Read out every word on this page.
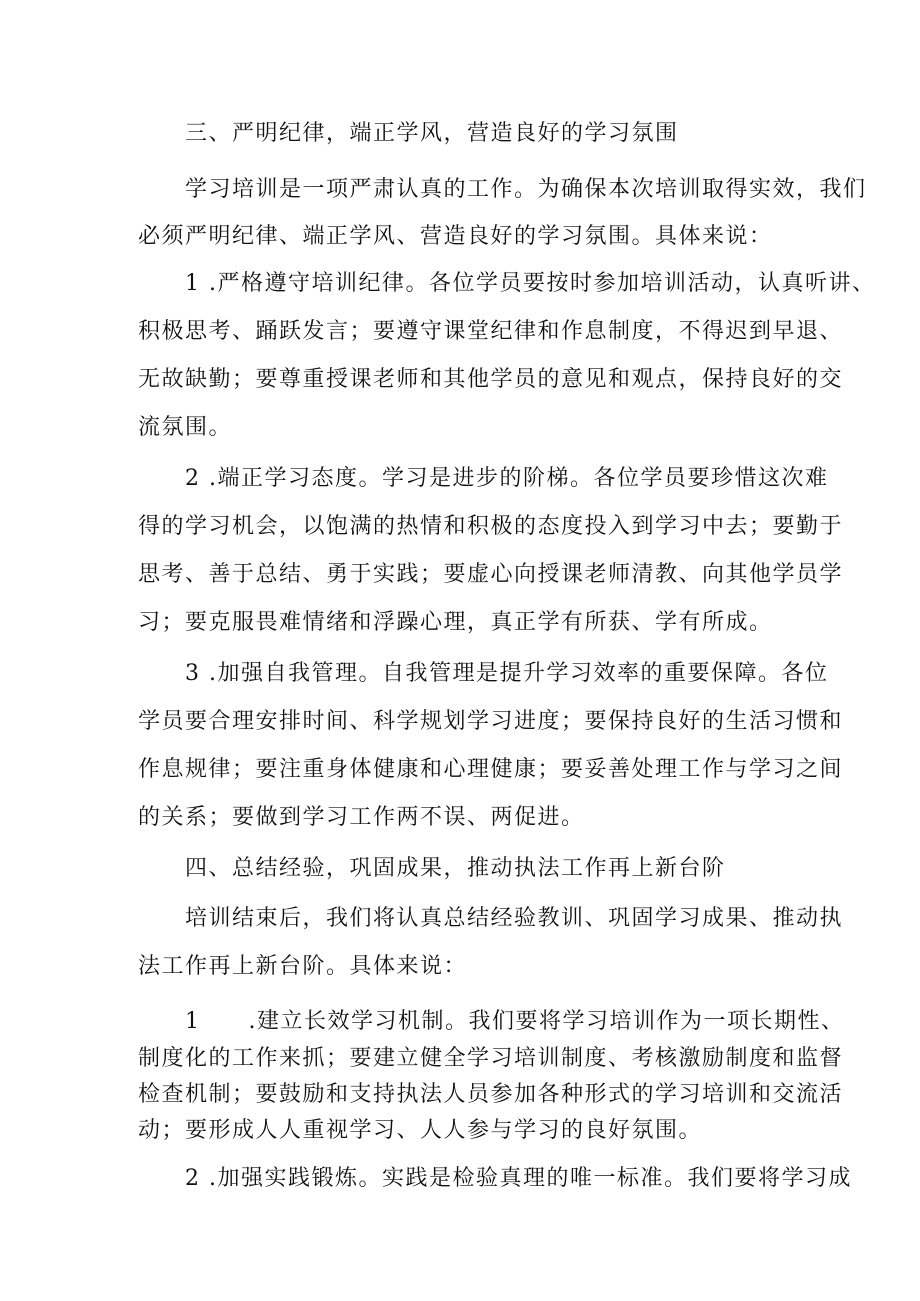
三、严明纪律，端正学风，营造良好的学习氛围
学习培训是一项严肃认真的工作。为确保本次培训取得实效，我们
必须严明纪律、端正学风、营造良好的学习氛围。具体来说：
1 .严格遵守培训纪律。各位学员要按时参加培训活动，认真听讲、
积极思考、踊跃发言；要遵守课堂纪律和作息制度，不得迟到早退、
无故缺勤；要尊重授课老师和其他学员的意见和观点，保持良好的交
流氛围。
2 .端正学习态度。学习是进步的阶梯。各位学员要珍惜这次难
得的学习机会，以饱满的热情和积极的态度投入到学习中去；要勤于
思考、善于总结、勇于实践；要虚心向授课老师清教、向其他学员学
习；要克服畏难情绪和浮躁心理，真正学有所获、学有所成。
3 .加强自我管理。自我管理是提升学习效率的重要保障。各位
学员要合理安排时间、科学规划学习进度；要保持良好的生活习惯和
作息规律；要注重身体健康和心理健康；要妥善处理工作与学习之间
的关系；要做到学习工作两不误、两促进。
四、总结经验，巩固成果，推动执法工作再上新台阶
培训结束后，我们将认真总结经验教训、巩固学习成果、推动执
法工作再上新台阶。具体来说：
1 .建立长效学习机制。我们要将学习培训作为一项长期性、
制度化的工作来抓；要建立健全学习培训制度、考核激励制度和监督
检查机制；要鼓励和支持执法人员参加各种形式的学习培训和交流活
动；要形成人人重视学习、人人参与学习的良好氛围。
2 .加强实践锻炼。实践是检验真理的唯一标准。我们要将学习成
